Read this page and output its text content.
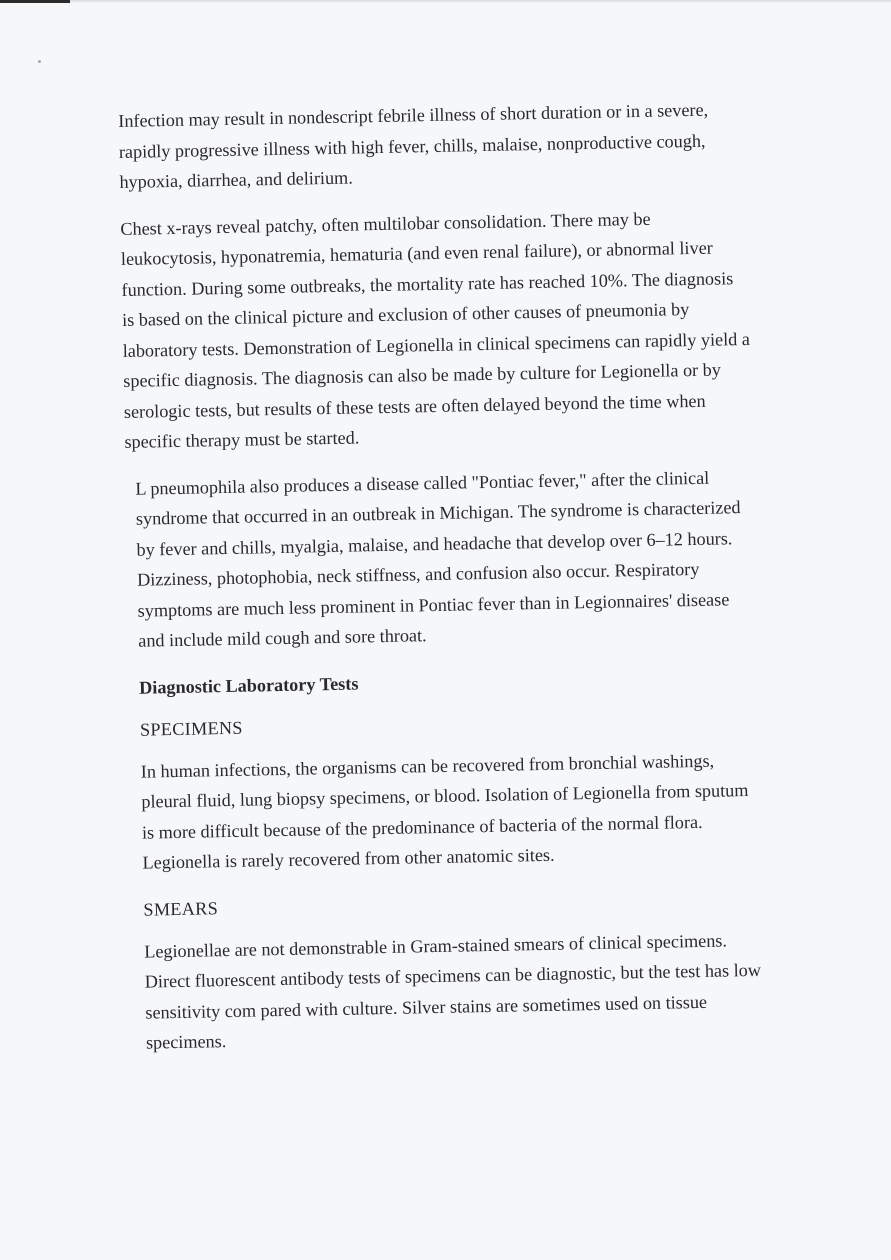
Infection may result in nondescript febrile illness of short duration or in a severe, rapidly progressive illness with high fever, chills, malaise, nonproductive cough, hypoxia, diarrhea, and delirium.

Chest x-rays reveal patchy, often multilobar consolidation. There may be leukocytosis, hyponatremia, hematuria (and even renal failure), or abnormal liver function. During some outbreaks, the mortality rate has reached 10%. The diagnosis is based on the clinical picture and exclusion of other causes of pneumonia by laboratory tests. Demonstration of Legionella in clinical specimens can rapidly yield a specific diagnosis. The diagnosis can also be made by culture for Legionella or by serologic tests, but results of these tests are often delayed beyond the time when specific therapy must be started.

L pneumophila also produces a disease called "Pontiac fever," after the clinical syndrome that occurred in an outbreak in Michigan. The syndrome is characterized by fever and chills, myalgia, malaise, and headache that develop over 6–12 hours. Dizziness, photophobia, neck stiffness, and confusion also occur. Respiratory symptoms are much less prominent in Pontiac fever than in Legionnaires' disease and include mild cough and sore throat.

Diagnostic Laboratory Tests
SPECIMENS

In human infections, the organisms can be recovered from bronchial washings, pleural fluid, lung biopsy specimens, or blood. Isolation of Legionella from sputum is more difficult because of the predominance of bacteria of the normal flora. Legionella is rarely recovered from other anatomic sites.

SMEARS

Legionellae are not demonstrable in Gram-stained smears of clinical specimens. Direct fluorescent antibody tests of specimens can be diagnostic, but the test has low sensitivity com pared with culture. Silver stains are sometimes used on tissue specimens.
